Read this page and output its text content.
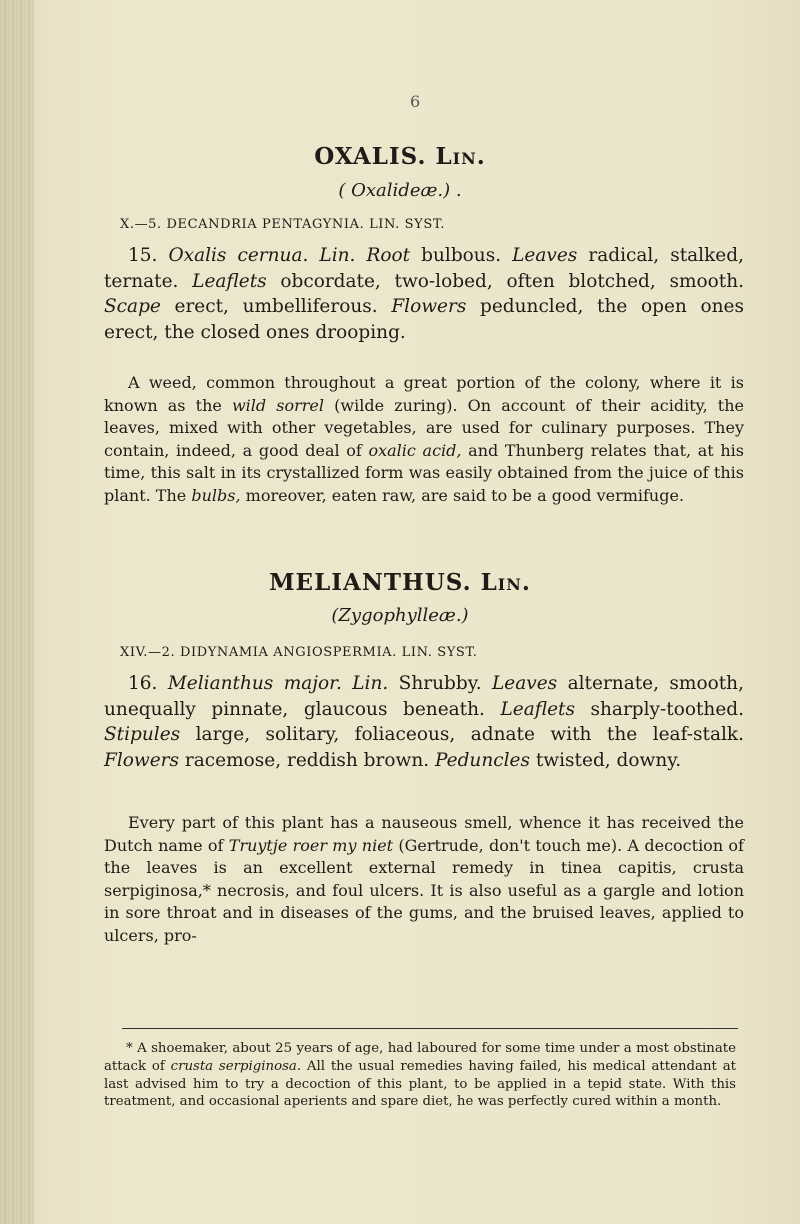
6
OXALIS. Lin.

( Oxalideæ.) .

X.—5. DECANDRIA PENTAGYNIA. LIN. SYST.

15. Oxalis cernua. Lin. Root bulbous. Leaves radical, stalked, ternate. Leaflets obcordate, two-lobed, often blotched, smooth. Scape erect, umbelliferous. Flowers peduncled, the open ones erect, the closed ones drooping.

A weed, common throughout a great portion of the colony, where it is known as the wild sorrel (wilde zuring). On account of their acidity, the leaves, mixed with other vegetables, are used for culinary purposes. They contain, indeed, a good deal of oxalic acid, and Thunberg relates that, at his time, this salt in its crystallized form was easily obtained from the juice of this plant. The bulbs, moreover, eaten raw, are said to be a good vermifuge.

MELIANTHUS. Lin.

(Zygophylleæ.)

XIV.—2. DIDYNAMIA ANGIOSPERMIA. LIN. SYST.

16. Melianthus major. Lin. Shrubby. Leaves alternate, smooth, unequally pinnate, glaucous beneath. Leaflets sharply-toothed. Stipules large, solitary, foliaceous, adnate with the leaf-stalk. Flowers racemose, reddish brown. Peduncles twisted, downy.

Every part of this plant has a nauseous smell, whence it has received the Dutch name of Truytje roer my niet (Gertrude, don't touch me). A decoction of the leaves is an excellent external remedy in tinea capitis, crusta serpiginosa,* necrosis, and foul ulcers. It is also useful as a gargle and lotion in sore throat and in diseases of the gums, and the bruised leaves, applied to ulcers, pro-

* A shoemaker, about 25 years of age, had laboured for some time under a most obstinate attack of crusta serpiginosa. All the usual remedies having failed, his medical attendant at last advised him to try a decoction of this plant, to be applied in a tepid state. With this treatment, and occasional aperients and spare diet, he was perfectly cured within a month.
